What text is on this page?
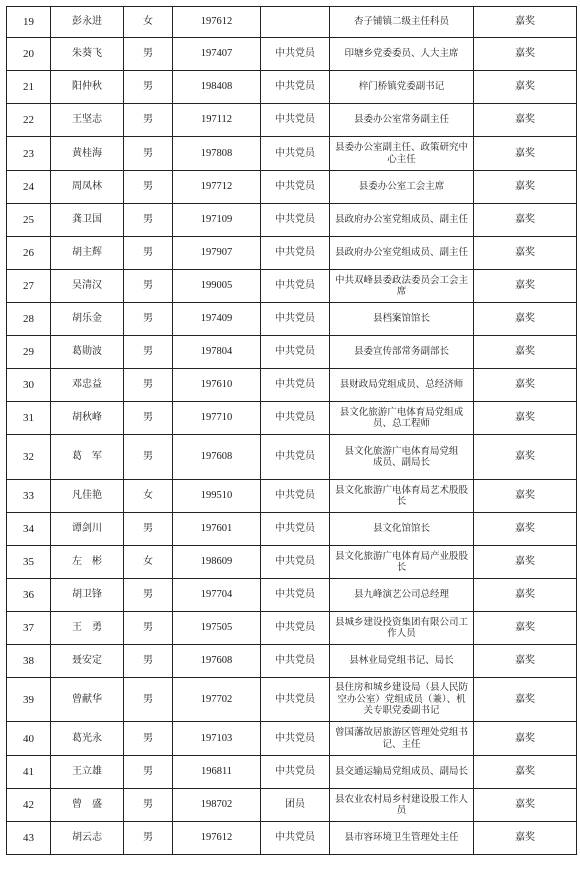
19	彭永进	女	197612		杏子铺镇二级主任科员	嘉奖
20	朱葵飞	男	197407	中共党员	印塘乡党委委员、人大主席	嘉奖
21	阳仲秋	男	198408	中共党员	梓门桥镇党委副书记	嘉奖
22	王坚志	男	197112	中共党员	县委办公室常务副主任	嘉奖
23	黄桂海	男	197808	中共党员	县委办公室副主任、政策研究中心主任	嘉奖
24	周凤林	男	197712	中共党员	县委办公室工会主席	嘉奖
25	龚卫国	男	197109	中共党员	县政府办公室党组成员、副主任	嘉奖
26	胡主辉	男	197907	中共党员	县政府办公室党组成员、副主任	嘉奖
27	吴清汉	男	199005	中共党员	中共双峰县委政法委员会工会主席	嘉奖
28	胡乐金	男	197409	中共党员	县档案馆馆长	嘉奖
29	葛勋波	男	197804	中共党员	县委宣传部常务副部长	嘉奖
30	邓忠益	男	197610	中共党员	县财政局党组成员、总经济师	嘉奖
31	胡秋峰	男	197710	中共党员	县文化旅游广电体育局党组成员、总工程师	嘉奖
32	葛　军	男	197608	中共党员	县文化旅游广电体育局党组
成员、副局长	嘉奖
33	凡佳艳	女	199510	中共党员	县文化旅游广电体育局艺术股股长	嘉奖
34	谭剑川	男	197601	中共党员	县文化馆馆长	嘉奖
35	左　彬	女	198609	中共党员	县文化旅游广电体育局产业股股长	嘉奖
36	胡卫锋	男	197704	中共党员	县九峰演艺公司总经理	嘉奖
37	王　勇	男	197505	中共党员	县城乡建设投资集团有限公司工作人员	嘉奖
38	聂安定	男	197608	中共党员	县林业局党组书记、局长	嘉奖
39	曾献华	男	197702	中共党员	县住房和城乡建设局（县人民防空办公室）党组成员（兼）、机关专职党委副书记	嘉奖
40	葛光永	男	197103	中共党员	曾国藩故居旅游区管理处党组书记、主任	嘉奖
41	王立雄	男	196811	中共党员	县交通运输局党组成员、副局长	嘉奖
42	曾　盛	男	198702	团员	县农业农村局乡村建设股工作人员	嘉奖
43	胡云志	男	197612	中共党员	县市容环境卫生管理处主任	嘉奖
